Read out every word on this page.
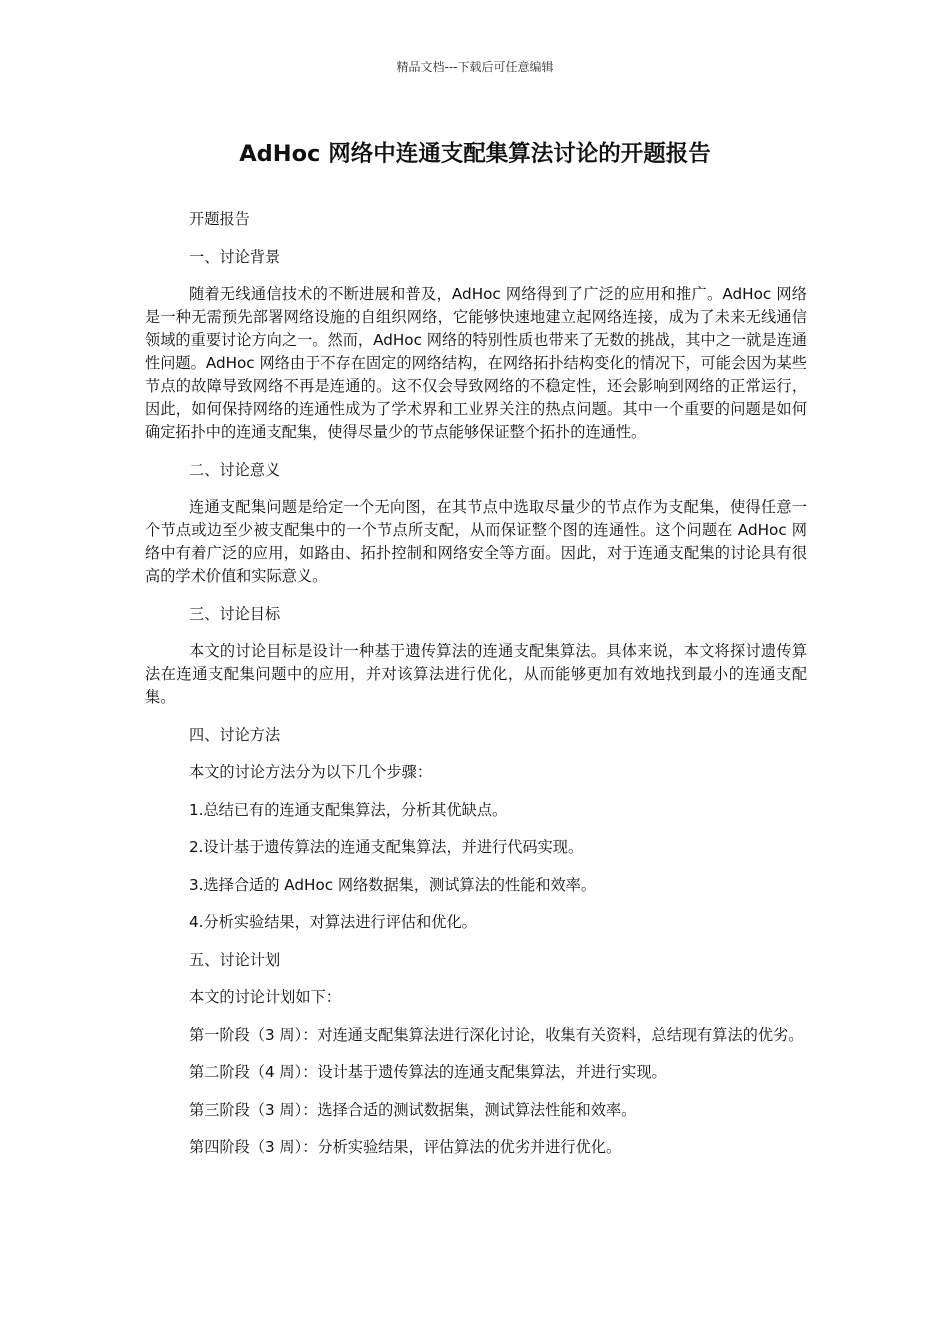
精品文档---下载后可任意编辑
AdHoc 网络中连通支配集算法讨论的开题报告

开题报告

一、讨论背景

随着无线通信技术的不断进展和普及，AdHoc 网络得到了广泛的应用和推广。AdHoc 网络是一种无需预先部署网络设施的自组织网络，它能够快速地建立起网络连接，成为了未来无线通信领域的重要讨论方向之一。然而，AdHoc 网络的特别性质也带来了无数的挑战，其中之一就是连通性问题。AdHoc 网络由于不存在固定的网络结构，在网络拓扑结构变化的情况下，可能会因为某些节点的故障导致网络不再是连通的。这不仅会导致网络的不稳定性，还会影响到网络的正常运行，因此，如何保持网络的连通性成为了学术界和工业界关注的热点问题。其中一个重要的问题是如何确定拓扑中的连通支配集，使得尽量少的节点能够保证整个拓扑的连通性。

二、讨论意义

连通支配集问题是给定一个无向图，在其节点中选取尽量少的节点作为支配集，使得任意一个节点或边至少被支配集中的一个节点所支配，从而保证整个图的连通性。这个问题在 AdHoc 网络中有着广泛的应用，如路由、拓扑控制和网络安全等方面。因此，对于连通支配集的讨论具有很高的学术价值和实际意义。

三、讨论目标

本文的讨论目标是设计一种基于遗传算法的连通支配集算法。具体来说，本文将探讨遗传算法在连通支配集问题中的应用，并对该算法进行优化，从而能够更加有效地找到最小的连通支配集。

四、讨论方法

本文的讨论方法分为以下几个步骤：

1.总结已有的连通支配集算法，分析其优缺点。

2.设计基于遗传算法的连通支配集算法，并进行代码实现。

3.选择合适的 AdHoc 网络数据集，测试算法的性能和效率。

4.分析实验结果，对算法进行评估和优化。

五、讨论计划

本文的讨论计划如下：

第一阶段（3 周）：对连通支配集算法进行深化讨论，收集有关资料，总结现有算法的优劣。

第二阶段（4 周）：设计基于遗传算法的连通支配集算法，并进行实现。

第三阶段（3 周）：选择合适的测试数据集，测试算法性能和效率。

第四阶段（3 周）：分析实验结果，评估算法的优劣并进行优化。
